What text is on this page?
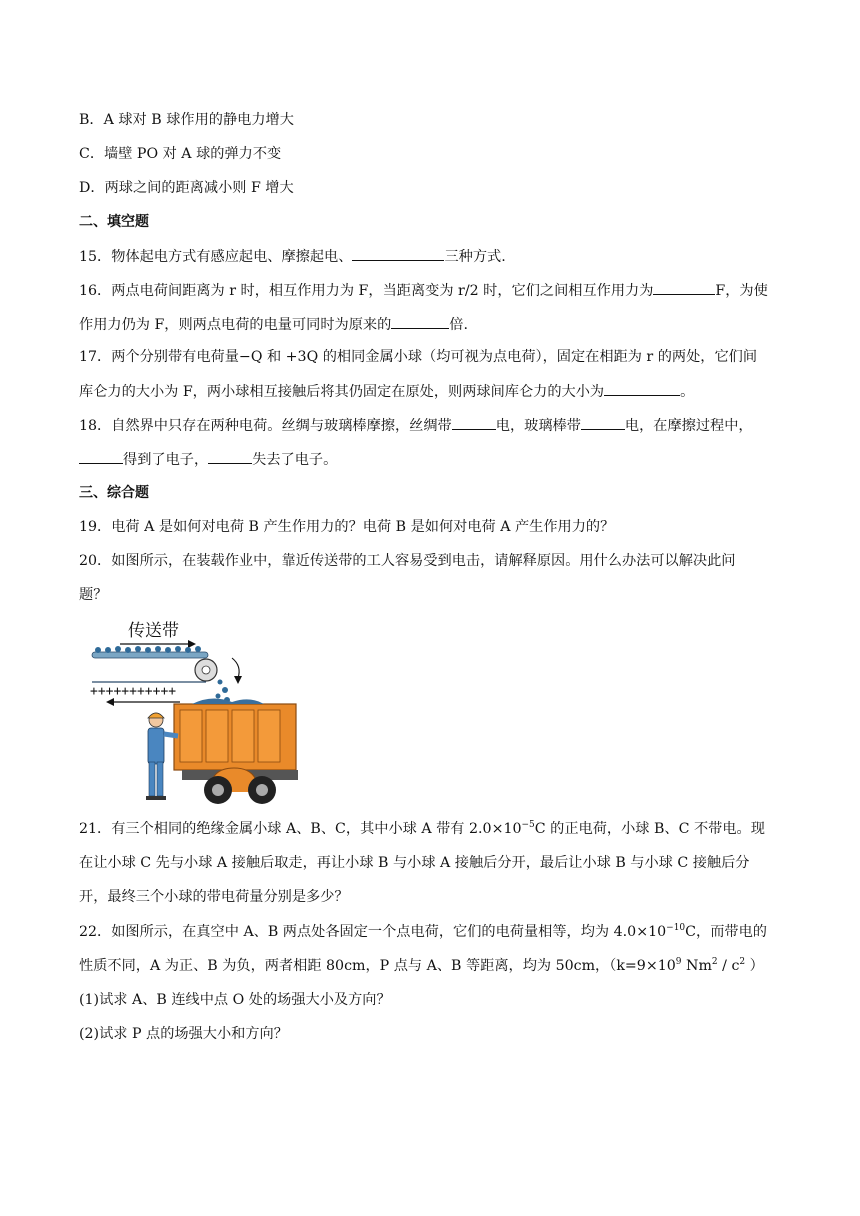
B．A 球对 B 球作用的静电力增大
C．墙壁 PO 对 A 球的弹力不变
D．两球之间的距离减小则 F 增大
二、填空题
15．物体起电方式有感应起电、摩擦起电、	三种方式.
16．两点电荷间距离为 r 时，相互作用力为 F，当距离变为 r/2 时，它们之间相互作用力为	F，为使
作用力仍为 F，则两点电荷的电量可同时为原来的	倍.
17．两个分别带有电荷量−Q 和 +3Q 的相同金属小球（均可视为点电荷），固定在相距为 r 的两处，它们间
库仑力的大小为 F，两小球相互接触后将其仍固定在原处，则两球间库仑力的大小为	。
18．自然界中只存在两种电荷。丝绸与玻璃棒摩擦，丝绸带	电，玻璃棒带	电，在摩擦过程中，
得到了电子，	失去了电子。
三、综合题
19．电荷 A 是如何对电荷 B 产生作用力的？电荷 B 是如何对电荷 A 产生作用力的？
20．如图所示，在装载作业中，靠近传送带的工人容易受到电击，请解释原因。用什么办法可以解决此问
题？
传送带
+++++++++++
21．有三个相同的绝缘金属小球 A、B、C，其中小球 A 带有 $2.0\times 10^{-5}C$ 的正电荷，小球 B、C 不带电。现
在让小球 C 先与小球 A 接触后取走，再让小球 B 与小球 A 接触后分开，最后让小球 B 与小球 C 接触后分
开，最终三个小球的带电荷量分别是多少？
22．如图所示，在真空中 A、B 两点处各固定一个点电荷，它们的电荷量相等，均为 $4.0\times 10^{-10}C$，而带电的
性质不同，A 为正、B 为负，两者相距 80cm，P 点与 A、B 等距离，均为 50cm，（$k=9\times 10^9$ $Nm^2 / c^2$ ）
(1)试求 A、B 连线中点 O 处的场强大小及方向？
(2)试求 P 点的场强大小和方向？
